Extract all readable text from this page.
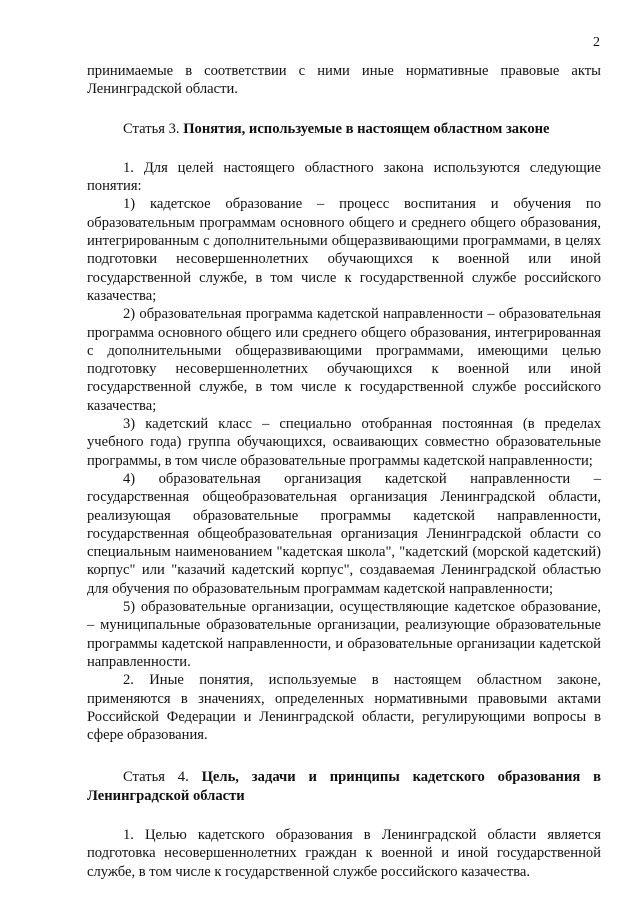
2

принимаемые в соответствии с ними иные нормативные правовые акты Ленинградской области.

Статья 3. Понятия, используемые в настоящем областном законе

1. Для целей настоящего областного закона используются следующие понятия:

1) кадетское образование – процесс воспитания и обучения по образовательным программам основного общего и среднего общего образования, интегрированным с дополнительными общеразвивающими программами, в целях подготовки несовершеннолетних обучающихся к военной или иной государственной службе, в том числе к государственной службе российского казачества;

2) образовательная программа кадетской направленности – образовательная программа основного общего или среднего общего образования, интегрированная с дополнительными общеразвивающими программами, имеющими целью подготовку несовершеннолетних обучающихся к военной или иной государственной службе, в том числе к государственной службе российского казачества;

3) кадетский класс – специально отобранная постоянная (в пределах учебного года) группа обучающихся, осваивающих совместно образовательные программы, в том числе образовательные программы кадетской направленности;

4) образовательная организация кадетской направленности – государственная общеобразовательная организация Ленинградской области, реализующая образовательные программы кадетской направленности, государственная общеобразовательная организация Ленинградской области со специальным наименованием "кадетская школа", "кадетский (морской кадетский) корпус" или "казачий кадетский корпус", создаваемая Ленинградской областью для обучения по образовательным программам кадетской направленности;

5) образовательные организации, осуществляющие кадетское образование, – муниципальные образовательные организации, реализующие образовательные программы кадетской направленности, и образовательные организации кадетской направленности.

2. Иные понятия, используемые в настоящем областном законе, применяются в значениях, определенных нормативными правовыми актами Российской Федерации и Ленинградской области, регулирующими вопросы в сфере образования.

Статья 4. Цель, задачи и принципы кадетского образования в Ленинградской области

1. Целью кадетского образования в Ленинградской области является подготовка несовершеннолетних граждан к военной и иной государственной службе, в том числе к государственной службе российского казачества.
